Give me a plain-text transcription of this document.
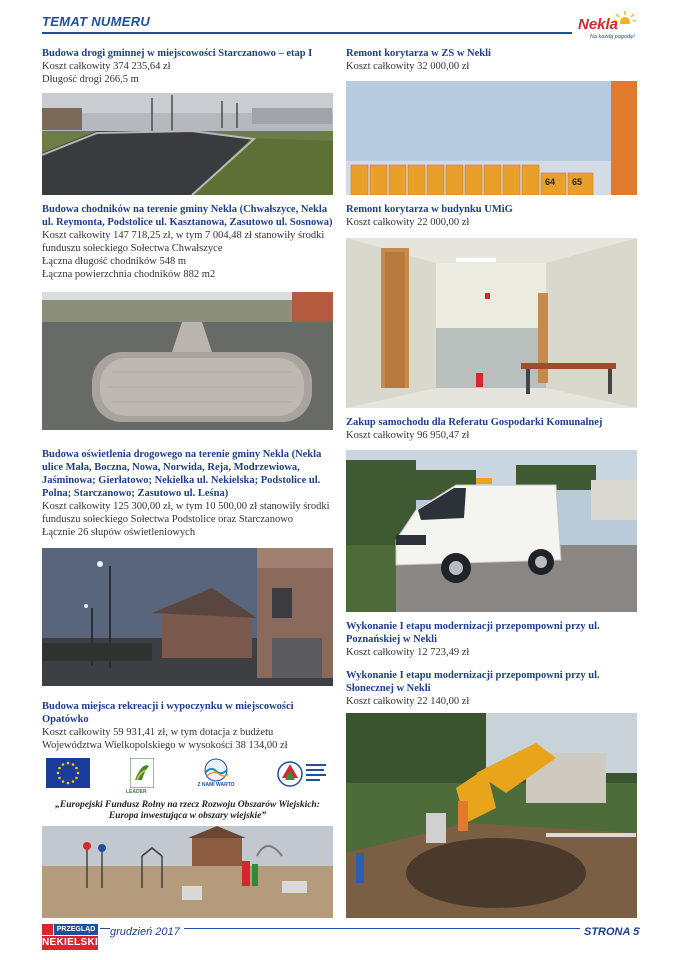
TEMAT NUMERU	Nekla
Na każdą pogodę!
Budowa drogi gminnej w miejscowości Starczanowo – etap I

Koszt całkowity 374 235,64 zł

Długość drogi 266,5 m

Budowa chodników na terenie gminy Nekla (Chwałszyce, Nekla ul. Reymonta, Podstolice ul. Kasztanowa, Zasutowo ul. Sosnowa)

Koszt całkowity 147 718,25 zł, w tym 7 004,48 zł stanowiły środki funduszu sołeckiego Sołectwa Chwałszyce

Łączna długość chodników 548 m

Łączna powierzchnia chodników 882 m2

Budowa oświetlenia drogowego na terenie gminy Nekla (Nekla ulice Mała, Boczna, Nowa, Norwida, Reja, Modrzewiowa, Jaśminowa; Gierłatowo; Nekielka ul. Nekielska; Podstolice ul. Polna; Starczanowo; Zasutowo ul. Leśna)

Koszt całkowity 125 300,00 zł, w tym 10 500,00 zł stanowiły środki funduszu sołeckiego Sołectwa Podstolice oraz Starczanowo

Łącznie 26 słupów oświetleniowych

Budowa miejsca rekreacji i wypoczynku w miejscowości Opatówko

Koszt całkowity 59 931,41 zł, w tym dotacja z budżetu Województwa Wielkopolskiego w wysokości 38 134,00 zł

Z NAMI WARTO
LEADER
„Europejski Fundusz Rolny na rzecz Rozwoju Obszarów Wiejskich: Europa inwestująca w obszary wiejskie”
Remont korytarza w ZS w Nekli

Koszt całkowity 32 000,00 zł

64 65
Remont korytarza w budynku UMiG

Koszt całkowity 22 000,00 zł

Zakup samochodu dla Referatu Gospodarki Komunalnej

Koszt całkowity 96 950,47 zł

Wykonanie I etapu modernizacji przepompowni przy ul. Poznańskiej w Nekli

Koszt całkowity 12 723,49 zł

Wykonanie I etapu modernizacji przepompowni przy ul. Słonecznej w Nekli

Koszt całkowity 22 140,00 zł

PRZEGLĄD
NEKIELSKI
grudzień 2017	STRONA 5
